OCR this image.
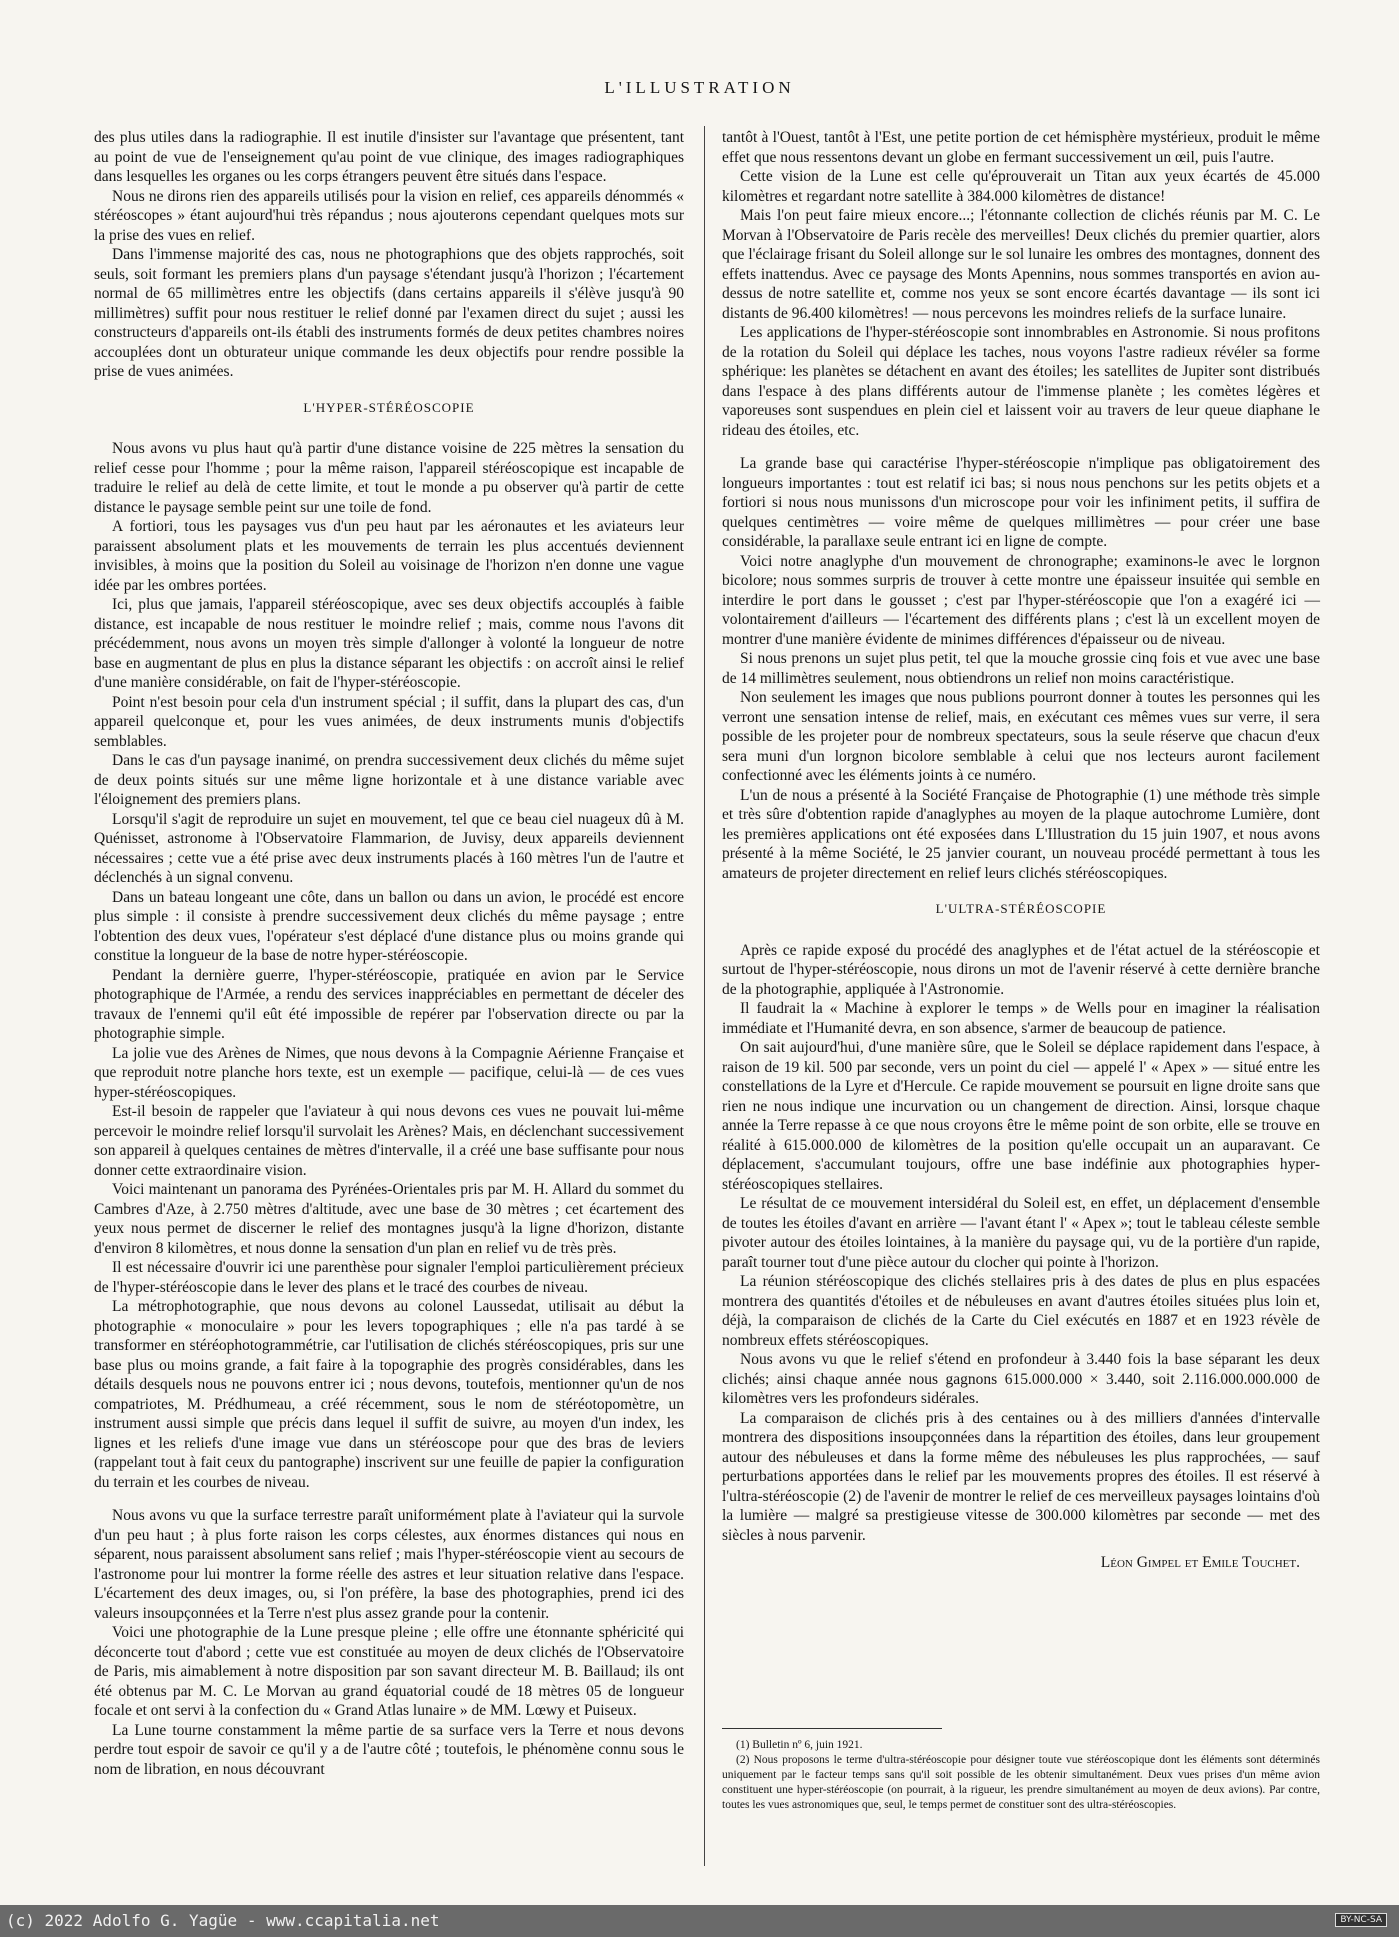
L'ILLUSTRATION

des plus utiles dans la radiographie. Il est inutile d'insister sur l'avantage que présentent, tant au point de vue de l'enseignement qu'au point de vue clinique, des images radiographiques dans lesquelles les organes ou les corps étrangers peuvent être situés dans l'espace.

Nous ne dirons rien des appareils utilisés pour la vision en relief, ces appareils dénommés « stéréoscopes » étant aujourd'hui très répandus ; nous ajouterons cependant quelques mots sur la prise des vues en relief.

Dans l'immense majorité des cas, nous ne photographions que des objets rapprochés, soit seuls, soit formant les premiers plans d'un paysage s'étendant jusqu'à l'horizon ; l'écartement normal de 65 millimètres entre les objectifs (dans certains appareils il s'élève jusqu'à 90 millimètres) suffit pour nous restituer le relief donné par l'examen direct du sujet ; aussi les constructeurs d'appareils ont-ils établi des instruments formés de deux petites chambres noires accouplées dont un obturateur unique commande les deux objectifs pour rendre possible la prise de vues animées.

L'HYPER-STÉRÉOSCOPIE

Nous avons vu plus haut qu'à partir d'une distance voisine de 225 mètres la sensation du relief cesse pour l'homme ; pour la même raison, l'appareil stéréoscopique est incapable de traduire le relief au delà de cette limite, et tout le monde a pu observer qu'à partir de cette distance le paysage semble peint sur une toile de fond.

A fortiori, tous les paysages vus d'un peu haut par les aéronautes et les aviateurs leur paraissent absolument plats et les mouvements de terrain les plus accentués deviennent invisibles, à moins que la position du Soleil au voisinage de l'horizon n'en donne une vague idée par les ombres portées.

Ici, plus que jamais, l'appareil stéréoscopique, avec ses deux objectifs accouplés à faible distance, est incapable de nous restituer le moindre relief ; mais, comme nous l'avons dit précédemment, nous avons un moyen très simple d'allonger à volonté la longueur de notre base en augmentant de plus en plus la distance séparant les objectifs : on accroît ainsi le relief d'une manière considérable, on fait de l'hyper-stéréoscopie.

Point n'est besoin pour cela d'un instrument spécial ; il suffit, dans la plupart des cas, d'un appareil quelconque et, pour les vues animées, de deux instruments munis d'objectifs semblables.

Dans le cas d'un paysage inanimé, on prendra successivement deux clichés du même sujet de deux points situés sur une même ligne horizontale et à une distance variable avec l'éloignement des premiers plans.

Lorsqu'il s'agit de reproduire un sujet en mouvement, tel que ce beau ciel nuageux dû à M. Quénisset, astronome à l'Observatoire Flammarion, de Juvisy, deux appareils deviennent nécessaires ; cette vue a été prise avec deux instruments placés à 160 mètres l'un de l'autre et déclenchés à un signal convenu.

Dans un bateau longeant une côte, dans un ballon ou dans un avion, le procédé est encore plus simple : il consiste à prendre successivement deux clichés du même paysage ; entre l'obtention des deux vues, l'opérateur s'est déplacé d'une distance plus ou moins grande qui constitue la longueur de la base de notre hyper-stéréoscopie.

Pendant la dernière guerre, l'hyper-stéréoscopie, pratiquée en avion par le Service photographique de l'Armée, a rendu des services inappréciables en permettant de déceler des travaux de l'ennemi qu'il eût été impossible de repérer par l'observation directe ou par la photographie simple.

La jolie vue des Arènes de Nimes, que nous devons à la Compagnie Aérienne Française et que reproduit notre planche hors texte, est un exemple — pacifique, celui-là — de ces vues hyper-stéréoscopiques.

Est-il besoin de rappeler que l'aviateur à qui nous devons ces vues ne pouvait lui-même percevoir le moindre relief lorsqu'il survolait les Arènes? Mais, en déclenchant successivement son appareil à quelques centaines de mètres d'intervalle, il a créé une base suffisante pour nous donner cette extraordinaire vision.

Voici maintenant un panorama des Pyrénées-Orientales pris par M. H. Allard du sommet du Cambres d'Aze, à 2.750 mètres d'altitude, avec une base de 30 mètres ; cet écartement des yeux nous permet de discerner le relief des montagnes jusqu'à la ligne d'horizon, distante d'environ 8 kilomètres, et nous donne la sensation d'un plan en relief vu de très près.

Il est nécessaire d'ouvrir ici une parenthèse pour signaler l'emploi particulièrement précieux de l'hyper-stéréoscopie dans le lever des plans et le tracé des courbes de niveau.

La métrophotographie, que nous devons au colonel Laussedat, utilisait au début la photographie « monoculaire » pour les levers topographiques ; elle n'a pas tardé à se transformer en stéréophotogrammétrie, car l'utilisation de clichés stéréoscopiques, pris sur une base plus ou moins grande, a fait faire à la topographie des progrès considérables, dans les détails desquels nous ne pouvons entrer ici ; nous devons, toutefois, mentionner qu'un de nos compatriotes, M. Prédhumeau, a créé récemment, sous le nom de stéréotopomètre, un instrument aussi simple que précis dans lequel il suffit de suivre, au moyen d'un index, les lignes et les reliefs d'une image vue dans un stéréoscope pour que des bras de leviers (rappelant tout à fait ceux du pantographe) inscrivent sur une feuille de papier la configuration du terrain et les courbes de niveau.

Nous avons vu que la surface terrestre paraît uniformément plate à l'aviateur qui la survole d'un peu haut ; à plus forte raison les corps célestes, aux énormes distances qui nous en séparent, nous paraissent absolument sans relief ; mais l'hyper-stéréoscopie vient au secours de l'astronome pour lui montrer la forme réelle des astres et leur situation relative dans l'espace. L'écartement des deux images, ou, si l'on préfère, la base des photographies, prend ici des valeurs insoupçonnées et la Terre n'est plus assez grande pour la contenir.

Voici une photographie de la Lune presque pleine ; elle offre une étonnante sphéricité qui déconcerte tout d'abord ; cette vue est constituée au moyen de deux clichés de l'Observatoire de Paris, mis aimablement à notre disposition par son savant directeur M. B. Baillaud; ils ont été obtenus par M. C. Le Morvan au grand équatorial coudé de 18 mètres 05 de longueur focale et ont servi à la confection du « Grand Atlas lunaire » de MM. Lœwy et Puiseux.

La Lune tourne constamment la même partie de sa surface vers la Terre et nous devons perdre tout espoir de savoir ce qu'il y a de l'autre côté ; toutefois, le phénomène connu sous le nom de libration, en nous découvrant

tantôt à l'Ouest, tantôt à l'Est, une petite portion de cet hémisphère mystérieux, produit le même effet que nous ressentons devant un globe en fermant successivement un œil, puis l'autre.

Cette vision de la Lune est celle qu'éprouverait un Titan aux yeux écartés de 45.000 kilomètres et regardant notre satellite à 384.000 kilomètres de distance!

Mais l'on peut faire mieux encore...; l'étonnante collection de clichés réunis par M. C. Le Morvan à l'Observatoire de Paris recèle des merveilles! Deux clichés du premier quartier, alors que l'éclairage frisant du Soleil allonge sur le sol lunaire les ombres des montagnes, donnent des effets inattendus. Avec ce paysage des Monts Apennins, nous sommes transportés en avion au-dessus de notre satellite et, comme nos yeux se sont encore écartés davantage — ils sont ici distants de 96.400 kilomètres! — nous percevons les moindres reliefs de la surface lunaire.

Les applications de l'hyper-stéréoscopie sont innombrables en Astronomie. Si nous profitons de la rotation du Soleil qui déplace les taches, nous voyons l'astre radieux révéler sa forme sphérique: les planètes se détachent en avant des étoiles; les satellites de Jupiter sont distribués dans l'espace à des plans différents autour de l'immense planète ; les comètes légères et vaporeuses sont suspendues en plein ciel et laissent voir au travers de leur queue diaphane le rideau des étoiles, etc.

La grande base qui caractérise l'hyper-stéréoscopie n'implique pas obligatoirement des longueurs importantes : tout est relatif ici bas; si nous nous penchons sur les petits objets et a fortiori si nous nous munissons d'un microscope pour voir les infiniment petits, il suffira de quelques centimètres — voire même de quelques millimètres — pour créer une base considérable, la parallaxe seule entrant ici en ligne de compte.

Voici notre anaglyphe d'un mouvement de chronographe; examinons-le avec le lorgnon bicolore; nous sommes surpris de trouver à cette montre une épaisseur insuitée qui semble en interdire le port dans le gousset ; c'est par l'hyper-stéréoscopie que l'on a exagéré ici — volontairement d'ailleurs — l'écartement des différents plans ; c'est là un excellent moyen de montrer d'une manière évidente de minimes différences d'épaisseur ou de niveau.

Si nous prenons un sujet plus petit, tel que la mouche grossie cinq fois et vue avec une base de 14 millimètres seulement, nous obtiendrons un relief non moins caractéristique.

Non seulement les images que nous publions pourront donner à toutes les personnes qui les verront une sensation intense de relief, mais, en exécutant ces mêmes vues sur verre, il sera possible de les projeter pour de nombreux spectateurs, sous la seule réserve que chacun d'eux sera muni d'un lorgnon bicolore semblable à celui que nos lecteurs auront facilement confectionné avec les éléments joints à ce numéro.

L'un de nous a présenté à la Société Française de Photographie (1) une méthode très simple et très sûre d'obtention rapide d'anaglyphes au moyen de la plaque autochrome Lumière, dont les premières applications ont été exposées dans L'Illustration du 15 juin 1907, et nous avons présenté à la même Société, le 25 janvier courant, un nouveau procédé permettant à tous les amateurs de projeter directement en relief leurs clichés stéréoscopiques.

L'ULTRA-STÉRÉOSCOPIE

Après ce rapide exposé du procédé des anaglyphes et de l'état actuel de la stéréoscopie et surtout de l'hyper-stéréoscopie, nous dirons un mot de l'avenir réservé à cette dernière branche de la photographie, appliquée à l'Astronomie.

Il faudrait la « Machine à explorer le temps » de Wells pour en imaginer la réalisation immédiate et l'Humanité devra, en son absence, s'armer de beaucoup de patience.

On sait aujourd'hui, d'une manière sûre, que le Soleil se déplace rapidement dans l'espace, à raison de 19 kil. 500 par seconde, vers un point du ciel — appelé l' « Apex » — situé entre les constellations de la Lyre et d'Hercule. Ce rapide mouvement se poursuit en ligne droite sans que rien ne nous indique une incurvation ou un changement de direction. Ainsi, lorsque chaque année la Terre repasse à ce que nous croyons être le même point de son orbite, elle se trouve en réalité à 615.000.000 de kilomètres de la position qu'elle occupait un an auparavant. Ce déplacement, s'accumulant toujours, offre une base indéfinie aux photographies hyper-stéréoscopiques stellaires.

Le résultat de ce mouvement intersidéral du Soleil est, en effet, un déplacement d'ensemble de toutes les étoiles d'avant en arrière — l'avant étant l' « Apex »; tout le tableau céleste semble pivoter autour des étoiles lointaines, à la manière du paysage qui, vu de la portière d'un rapide, paraît tourner tout d'une pièce autour du clocher qui pointe à l'horizon.

La réunion stéréoscopique des clichés stellaires pris à des dates de plus en plus espacées montrera des quantités d'étoiles et de nébuleuses en avant d'autres étoiles situées plus loin et, déjà, la comparaison de clichés de la Carte du Ciel exécutés en 1887 et en 1923 révèle de nombreux effets stéréoscopiques.

Nous avons vu que le relief s'étend en profondeur à 3.440 fois la base séparant les deux clichés; ainsi chaque année nous gagnons 615.000.000 × 3.440, soit 2.116.000.000.000 de kilomètres vers les profondeurs sidérales.

La comparaison de clichés pris à des centaines ou à des milliers d'années d'intervalle montrera des dispositions insoupçonnées dans la répartition des étoiles, dans leur groupement autour des nébuleuses et dans la forme même des nébuleuses les plus rapprochées, — sauf perturbations apportées dans le relief par les mouvements propres des étoiles. Il est réservé à l'ultra-stéréoscopie (2) de l'avenir de montrer le relief de ces merveilleux paysages lointains d'où la lumière — malgré sa prestigieuse vitesse de 300.000 kilomètres par seconde — met des siècles à nous parvenir.

Léon Gimpel et Emile Touchet.

(1) Bulletin nº 6, juin 1921.

(2) Nous proposons le terme d'ultra-stéréoscopie pour désigner toute vue stéréoscopique dont les éléments sont déterminés uniquement par le facteur temps sans qu'il soit possible de les obtenir simultanément. Deux vues prises d'un même avion constituent une hyper-stéréoscopie (on pourrait, à la rigueur, les prendre simultanément au moyen de deux avions). Par contre, toutes les vues astronomiques que, seul, le temps permet de constituer sont des ultra-stéréoscopies.

(c) 2022 Adolfo G. Yagüe - www.ccapitalia.net	BY-NC-SA
